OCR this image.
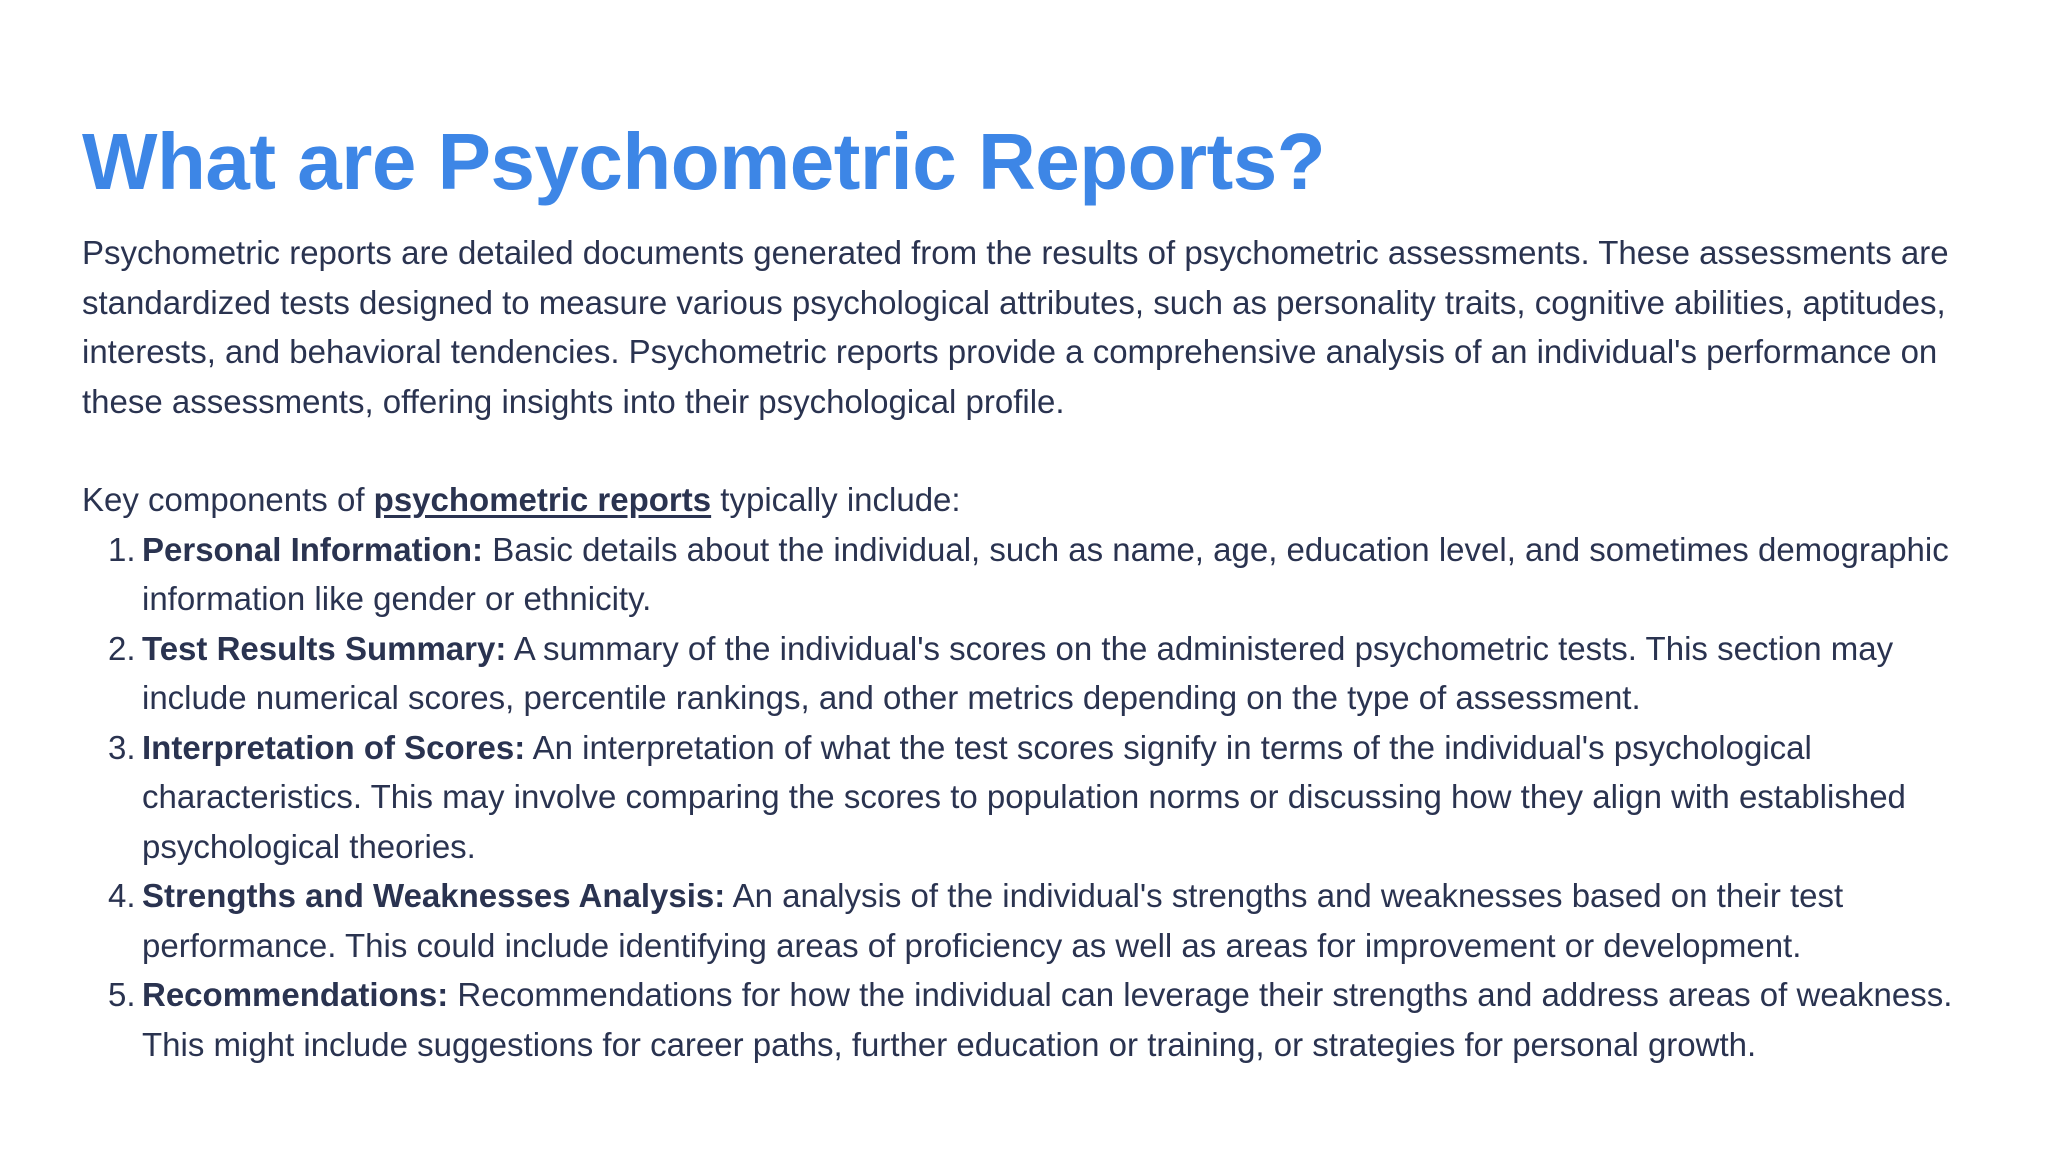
What are Psychometric Reports?

Psychometric reports are detailed documents generated from the results of psychometric assessments. These assessments are standardized tests designed to measure various psychological attributes, such as personality traits, cognitive abilities, aptitudes, interests, and behavioral tendencies. Psychometric reports provide a comprehensive analysis of an individual's performance on these assessments, offering insights into their psychological profile.

Key components of psychometric reports typically include:

1. Personal Information: Basic details about the individual, such as name, age, education level, and sometimes demographic information like gender or ethnicity.
2. Test Results Summary: A summary of the individual's scores on the administered psychometric tests. This section may include numerical scores, percentile rankings, and other metrics depending on the type of assessment.
3. Interpretation of Scores: An interpretation of what the test scores signify in terms of the individual's psychological characteristics. This may involve comparing the scores to population norms or discussing how they align with established psychological theories.
4. Strengths and Weaknesses Analysis: An analysis of the individual's strengths and weaknesses based on their test performance. This could include identifying areas of proficiency as well as areas for improvement or development.
5. Recommendations: Recommendations for how the individual can leverage their strengths and address areas of weakness. This might include suggestions for career paths, further education or training, or strategies for personal growth.
